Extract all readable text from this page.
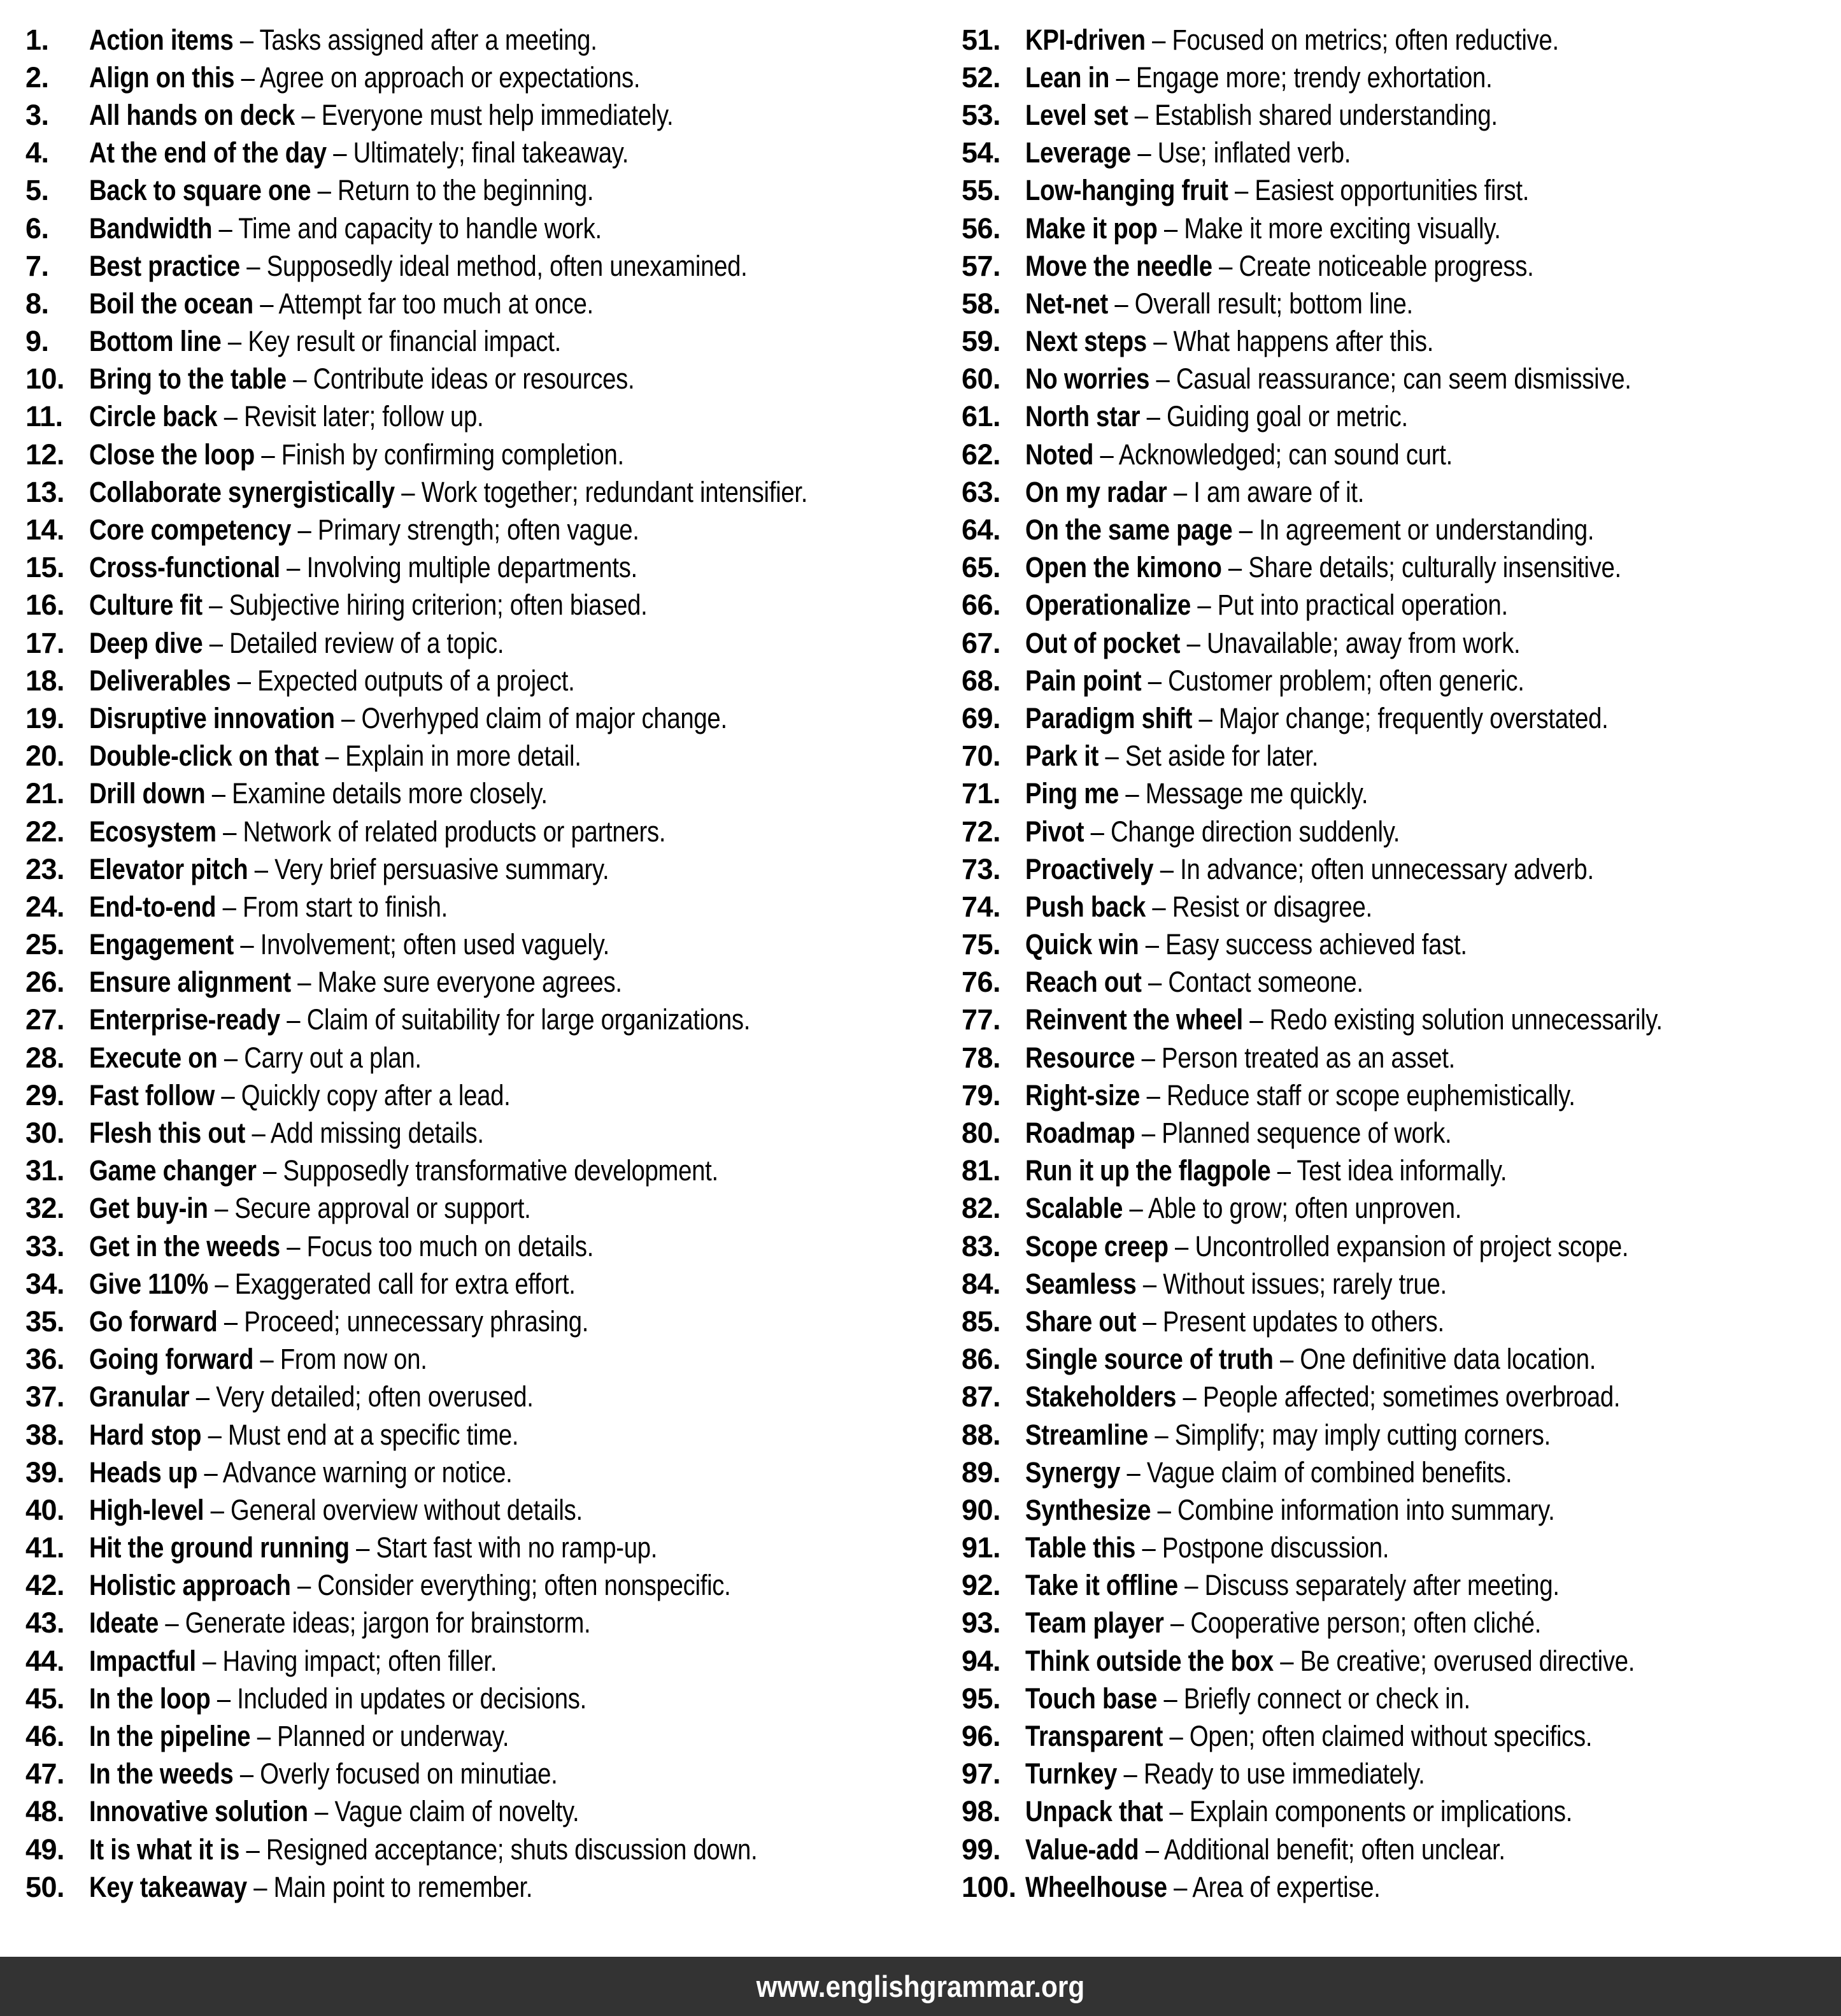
1.	Action items – Tasks assigned after a meeting.
2.	Align on this – Agree on approach or expectations.
3.	All hands on deck – Everyone must help immediately.
4.	At the end of the day – Ultimately; final takeaway.
5.	Back to square one – Return to the beginning.
6.	Bandwidth – Time and capacity to handle work.
7.	Best practice – Supposedly ideal method, often unexamined.
8.	Boil the ocean – Attempt far too much at once.
9.	Bottom line – Key result or financial impact.
10. Bring to the table – Contribute ideas or resources.
11. Circle back – Revisit later; follow up.
12. Close the loop – Finish by confirming completion.
13. Collaborate synergistically – Work together; redundant intensifier.
14. Core competency – Primary strength; often vague.
15. Cross-functional – Involving multiple departments.
16. Culture fit – Subjective hiring criterion; often biased.
17. Deep dive – Detailed review of a topic.
18. Deliverables – Expected outputs of a project.
19. Disruptive innovation – Overhyped claim of major change.
20. Double-click on that – Explain in more detail.
21. Drill down – Examine details more closely.
22. Ecosystem – Network of related products or partners.
23. Elevator pitch – Very brief persuasive summary.
24. End-to-end – From start to finish.
25. Engagement – Involvement; often used vaguely.
26. Ensure alignment – Make sure everyone agrees.
27. Enterprise-ready – Claim of suitability for large organizations.
28. Execute on – Carry out a plan.
29. Fast follow – Quickly copy after a lead.
30. Flesh this out – Add missing details.
31. Game changer – Supposedly transformative development.
32. Get buy-in – Secure approval or support.
33. Get in the weeds – Focus too much on details.
34. Give 110% – Exaggerated call for extra effort.
35. Go forward – Proceed; unnecessary phrasing.
36. Going forward – From now on.
37. Granular – Very detailed; often overused.
38. Hard stop – Must end at a specific time.
39. Heads up – Advance warning or notice.
40. High-level – General overview without details.
41. Hit the ground running – Start fast with no ramp-up.
42. Holistic approach – Consider everything; often nonspecific.
43. Ideate – Generate ideas; jargon for brainstorm.
44. Impactful – Having impact; often filler.
45. In the loop – Included in updates or decisions.
46. In the pipeline – Planned or underway.
47. In the weeds – Overly focused on minutiae.
48. Innovative solution – Vague claim of novelty.
49. It is what it is – Resigned acceptance; shuts discussion down.
50. Key takeaway – Main point to remember.
51. KPI-driven – Focused on metrics; often reductive.
52. Lean in – Engage more; trendy exhortation.
53. Level set – Establish shared understanding.
54. Leverage – Use; inflated verb.
55. Low-hanging fruit – Easiest opportunities first.
56. Make it pop – Make it more exciting visually.
57. Move the needle – Create noticeable progress.
58. Net-net – Overall result; bottom line.
59. Next steps – What happens after this.
60. No worries – Casual reassurance; can seem dismissive.
61. North star – Guiding goal or metric.
62. Noted – Acknowledged; can sound curt.
63. On my radar – I am aware of it.
64. On the same page – In agreement or understanding.
65. Open the kimono – Share details; culturally insensitive.
66. Operationalize – Put into practical operation.
67. Out of pocket – Unavailable; away from work.
68. Pain point – Customer problem; often generic.
69. Paradigm shift – Major change; frequently overstated.
70. Park it – Set aside for later.
71. Ping me – Message me quickly.
72. Pivot – Change direction suddenly.
73. Proactively – In advance; often unnecessary adverb.
74. Push back – Resist or disagree.
75. Quick win – Easy success achieved fast.
76. Reach out – Contact someone.
77. Reinvent the wheel – Redo existing solution unnecessarily.
78. Resource – Person treated as an asset.
79. Right-size – Reduce staff or scope euphemistically.
80. Roadmap – Planned sequence of work.
81. Run it up the flagpole – Test idea informally.
82. Scalable – Able to grow; often unproven.
83. Scope creep – Uncontrolled expansion of project scope.
84. Seamless – Without issues; rarely true.
85. Share out – Present updates to others.
86. Single source of truth – One definitive data location.
87. Stakeholders – People affected; sometimes overbroad.
88. Streamline – Simplify; may imply cutting corners.
89. Synergy – Vague claim of combined benefits.
90. Synthesize – Combine information into summary.
91. Table this – Postpone discussion.
92. Take it offline – Discuss separately after meeting.
93. Team player – Cooperative person; often cliché.
94. Think outside the box – Be creative; overused directive.
95. Touch base – Briefly connect or check in.
96. Transparent – Open; often claimed without specifics.
97. Turnkey – Ready to use immediately.
98. Unpack that – Explain components or implications.
99. Value-add – Additional benefit; often unclear.
100. Wheelhouse – Area of expertise.
www.englishgrammar.org
